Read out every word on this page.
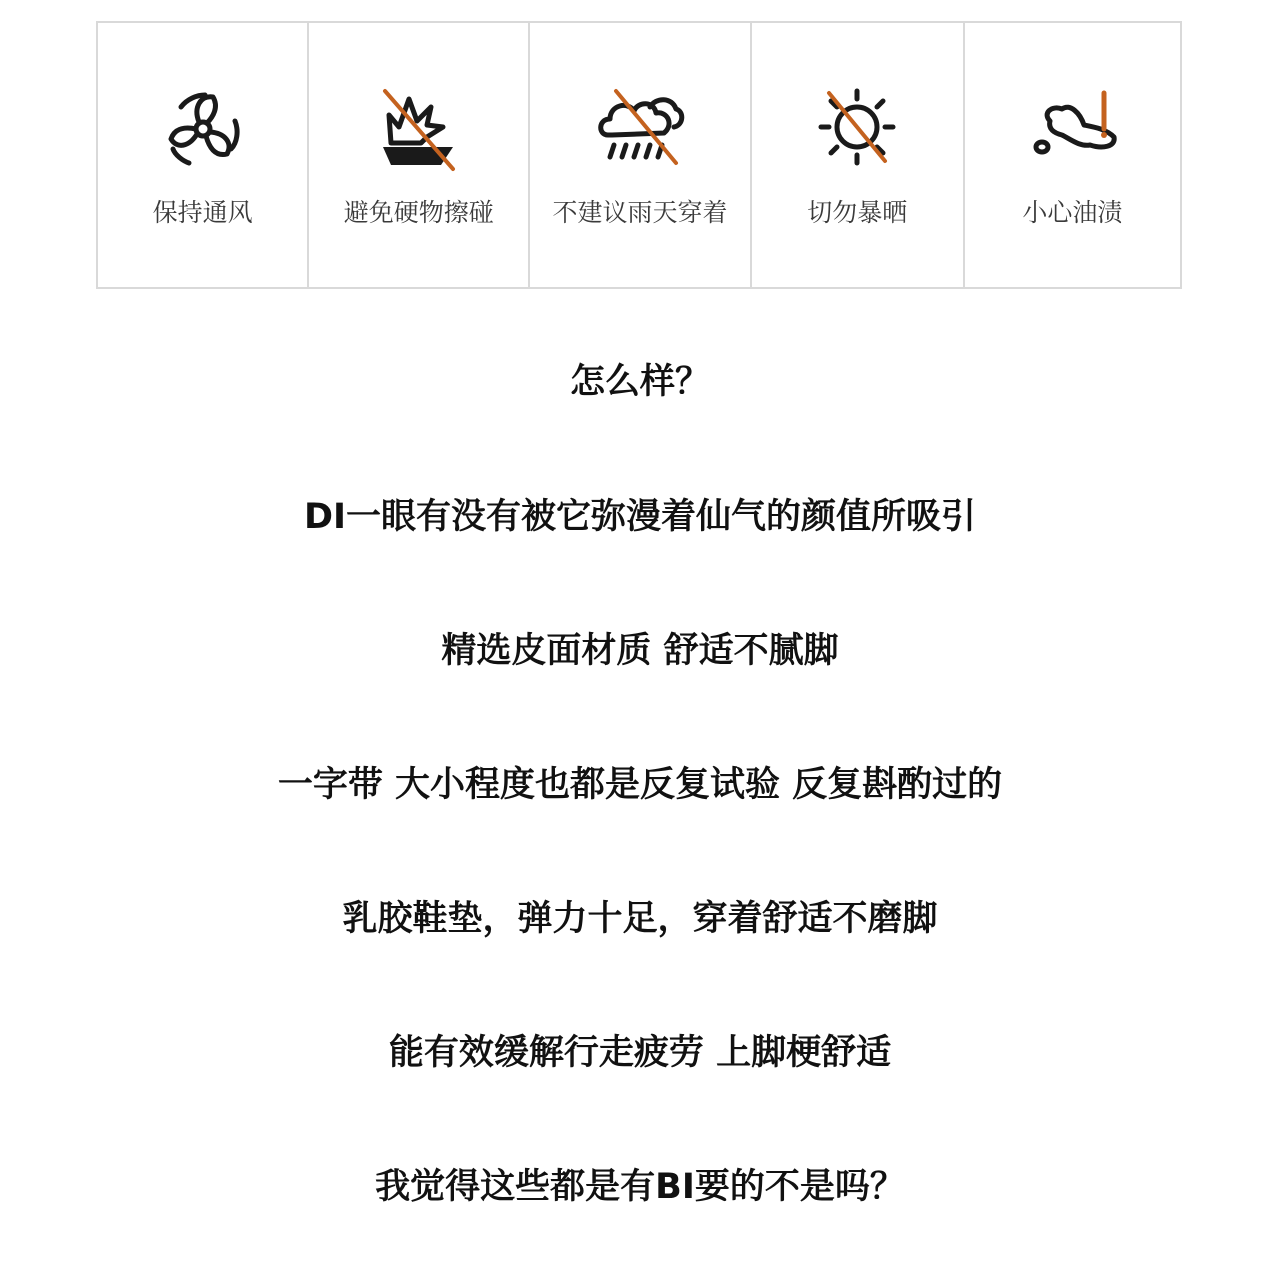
保持通风	避免硬物擦碰	不建议雨天穿着	切勿暴晒	小心油渍
怎么样？
DI一眼有没有被它弥漫着仙气的颜值所吸引
精选皮面材质 舒适不腻脚
一字带 大小程度也都是反复试验 反复斟酌过的
乳胶鞋垫，弹力十足，穿着舒适不磨脚
能有效缓解行走疲劳 上脚梗舒适
我觉得这些都是有BI要的不是吗？
